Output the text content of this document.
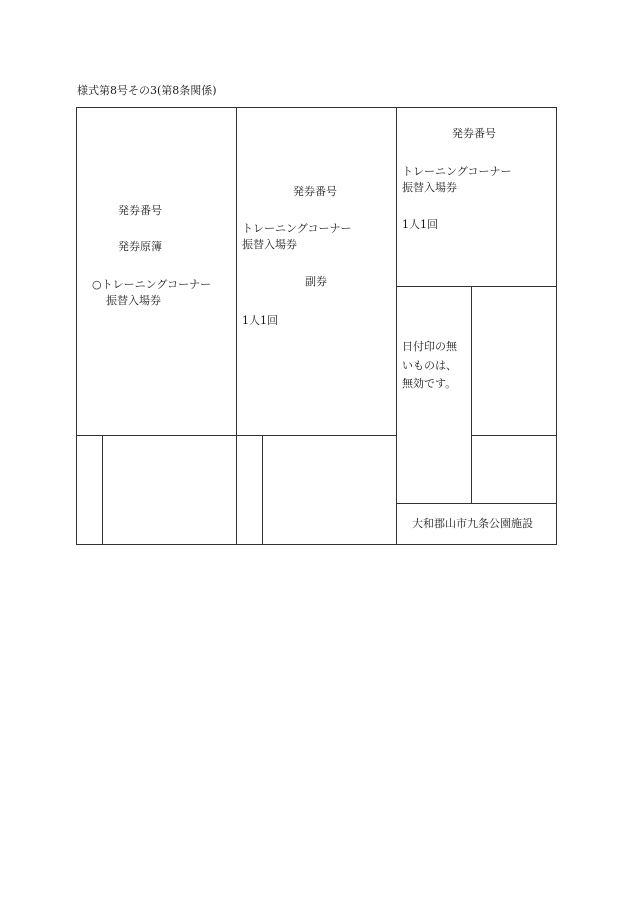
様式第8号その3(第8条関係)
発券番号
発券原簿
○トレーニングコーナー
振替入場券
発券番号
トレーニングコーナー
振替入場券
副券
1人1回
発券番号
トレーニングコーナー
振替入場券
1人1回
日付印の無
いものは、
無効です。
大和郡山市九条公園施設
